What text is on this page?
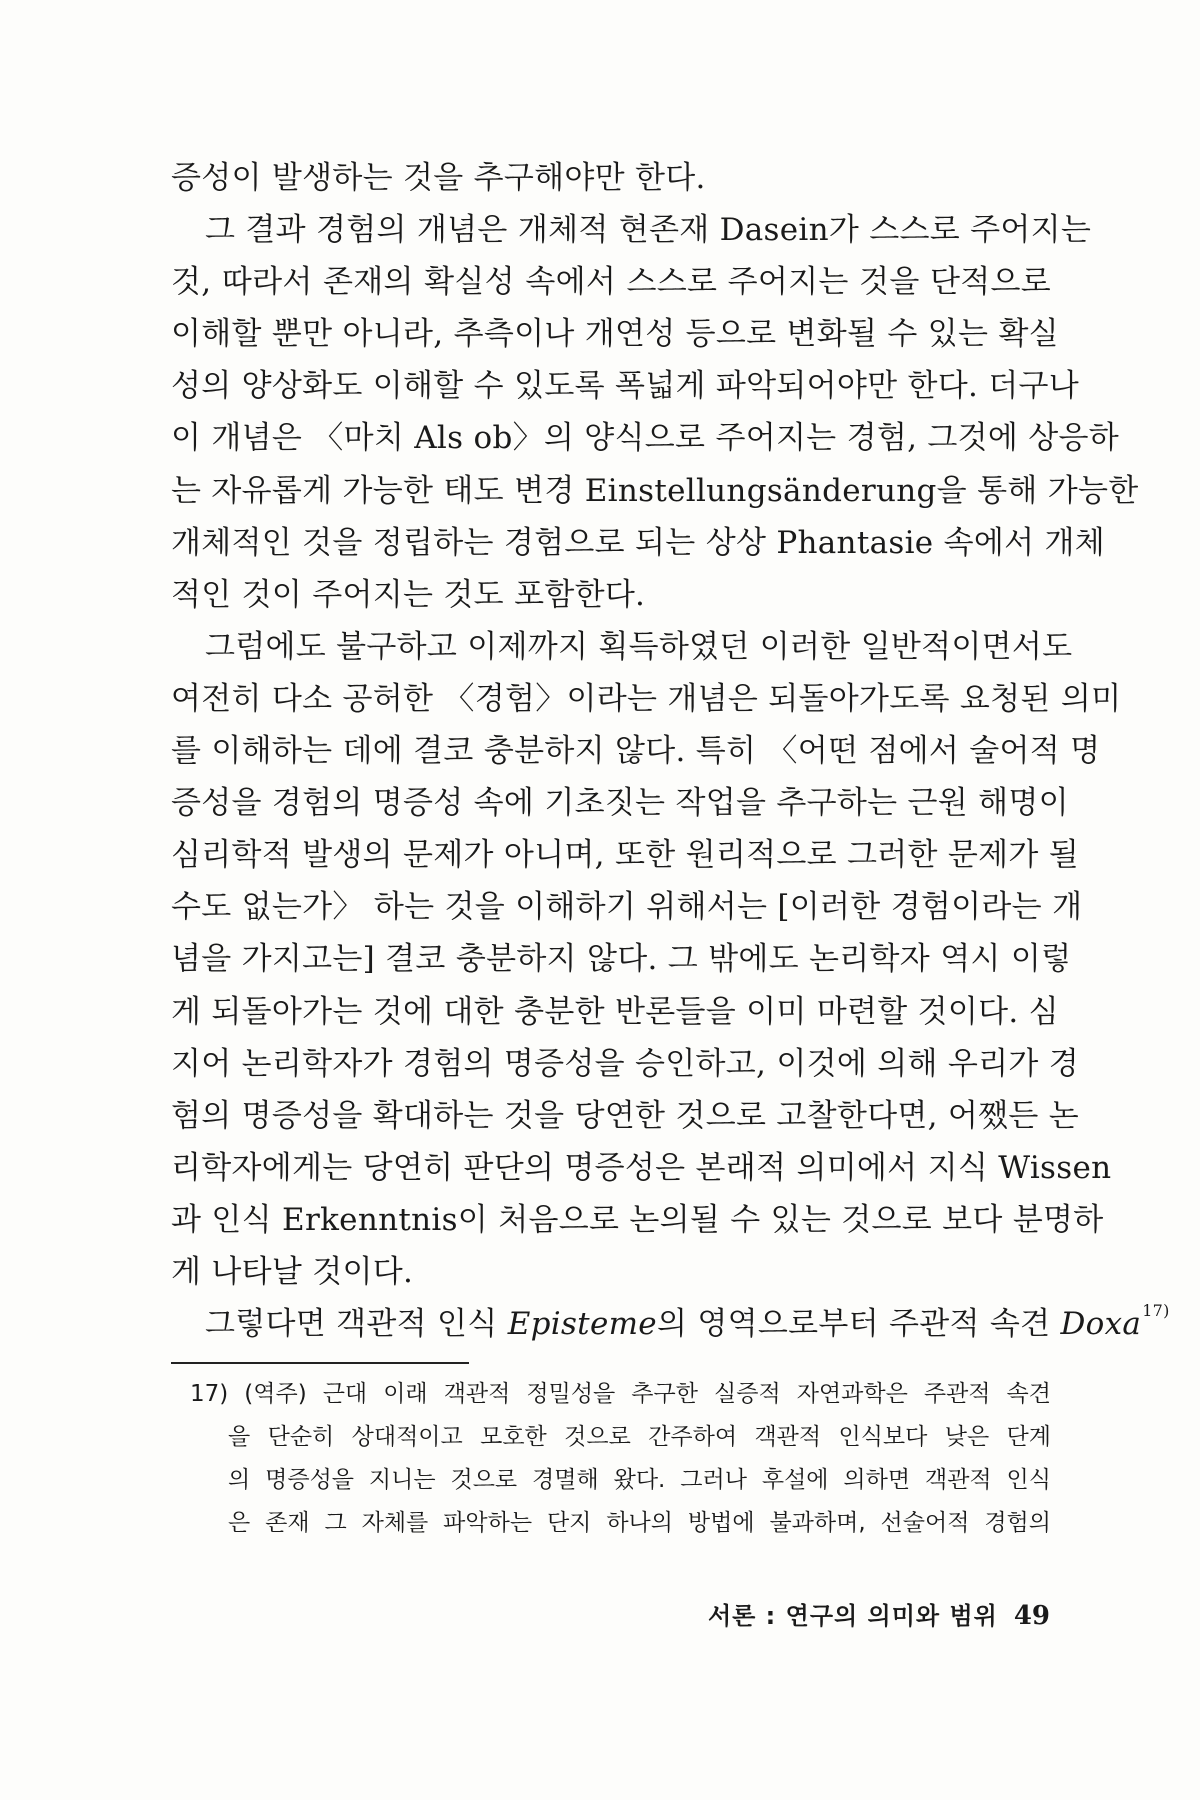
증성이 발생하는 것을 추구해야만 한다.
그 결과 경험의 개념은 개체적 현존재 Dasein가 스스로 주어지는
것, 따라서 존재의 확실성 속에서 스스로 주어지는 것을 단적으로
이해할 뿐만 아니라, 추측이나 개연성 등으로 변화될 수 있는 확실
성의 양상화도 이해할 수 있도록 폭넓게 파악되어야만 한다. 더구나
이 개념은 〈마치 Als ob〉의 양식으로 주어지는 경험, 그것에 상응하
는 자유롭게 가능한 태도 변경 Einstellungsänderung을 통해 가능한
개체적인 것을 정립하는 경험으로 되는 상상 Phantasie 속에서 개체
적인 것이 주어지는 것도 포함한다.
그럼에도 불구하고 이제까지 획득하였던 이러한 일반적이면서도
여전히 다소 공허한 〈경험〉이라는 개념은 되돌아가도록 요청된 의미
를 이해하는 데에 결코 충분하지 않다. 특히 〈어떤 점에서 술어적 명
증성을 경험의 명증성 속에 기초짓는 작업을 추구하는 근원 해명이
심리학적 발생의 문제가 아니며, 또한 원리적으로 그러한 문제가 될
수도 없는가〉 하는 것을 이해하기 위해서는 [이러한 경험이라는 개
념을 가지고는] 결코 충분하지 않다. 그 밖에도 논리학자 역시 이렇
게 되돌아가는 것에 대한 충분한 반론들을 이미 마련할 것이다. 심
지어 논리학자가 경험의 명증성을 승인하고, 이것에 의해 우리가 경
험의 명증성을 확대하는 것을 당연한 것으로 고찰한다면, 어쨌든 논
리학자에게는 당연히 판단의 명증성은 본래적 의미에서 지식 Wissen
과 인식 Erkenntnis이 처음으로 논의될 수 있는 것으로 보다 분명하
게 나타날 것이다.
그렇다면 객관적 인식 Episteme의 영역으로부터 주관적 속견 Doxa$^{17)}$
17) (역주) 근대 이래 객관적 정밀성을 추구한 실증적 자연과학은 주관적 속견
을 단순히 상대적이고 모호한 것으로 간주하여 객관적 인식보다 낮은 단계
의 명증성을 지니는 것으로 경멸해 왔다. 그러나 후설에 의하면 객관적 인식
은 존재 그 자체를 파악하는 단지 하나의 방법에 불과하며, 선술어적 경험의
서론 : 연구의 의미와 범위 49
